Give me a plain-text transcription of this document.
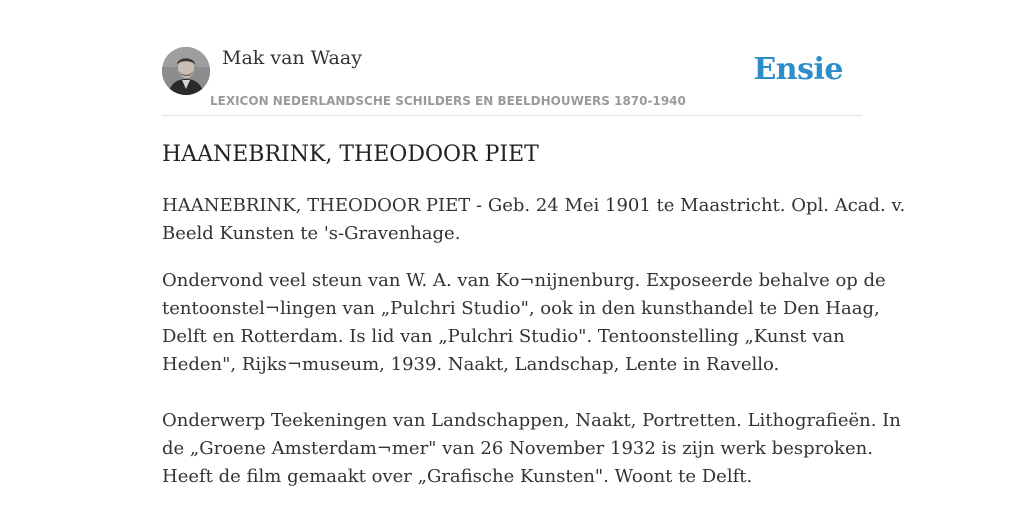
Mak van Waay
LEXICON NEDERLANDSCHE SCHILDERS EN BEELDHOUWERS 1870-1940
Ensie
HAANEBRINK, THEODOOR PIET

HAANEBRINK, THEODOOR PIET - Geb. 24 Mei 1901 te Maastricht. Opl. Acad. v.
Beeld Kunsten te 's-Gravenhage.

Ondervond veel steun van W. A. van Ko¬nijnenburg. Exposeerde behalve op de
tentoonstel¬lingen van „Pulchri Studio", ook in den kunsthandel te Den Haag,
Delft en Rotterdam. Is lid van „Pulchri Studio". Tentoonstelling „Kunst van
Heden", Rijks¬museum, 1939. Naakt, Landschap, Lente in Ravello.

Onderwerp Teekeningen van Landschappen, Naakt, Portretten. Lithografieën. In
de „Groene Amsterdam¬mer" van 26 November 1932 is zijn werk besproken.
Heeft de film gemaakt over „Grafische Kunsten". Woont te Delft.
